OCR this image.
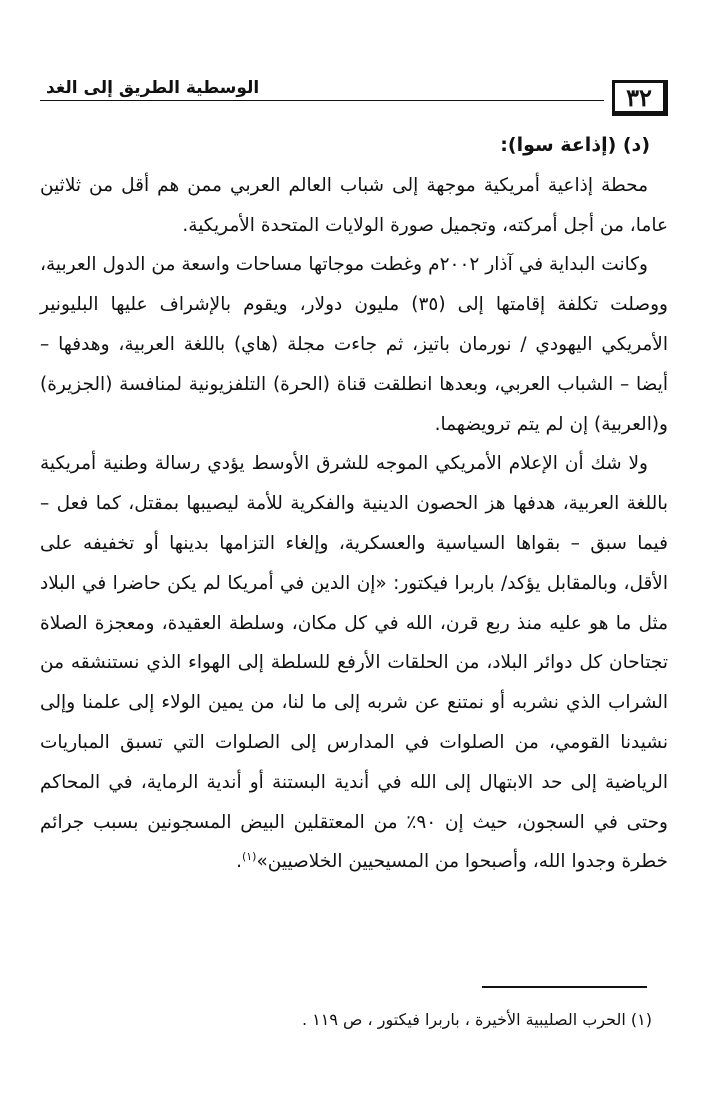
الوسطية الطريق إلى الغد	٣٢

(د) (إذاعة سوا):

محطة إذاعية أمريكية موجهة إلى شباب العالم العربي ممن هم أقل من ثلاثين عاما، من أجل أمركته، وتجميل صورة الولايات المتحدة الأمريكية.

وكانت البداية في آذار ٢٠٠٢م وغطت موجاتها مساحات واسعة من الدول العربية، ووصلت تكلفة إقامتها إلى (٣٥) مليون دولار، ويقوم بالإشراف عليها البليونير الأمريكي اليهودي / نورمان باتيز، ثم جاءت مجلة (هاي) باللغة العربية، وهدفها – أيضا – الشباب العربي، وبعدها انطلقت قناة (الحرة) التلفزيونية لمنافسة (الجزيرة) و(العربية) إن لم يتم ترويضهما.

ولا شك أن الإعلام الأمريكي الموجه للشرق الأوسط يؤدي رسالة وطنية أمريكية باللغة العربية، هدفها هز الحصون الدينية والفكرية للأمة ليصيبها بمقتل، كما فعل – فيما سبق – بقواها السياسية والعسكرية، وإلغاء التزامها بدينها أو تخفيفه على الأقل، وبالمقابل يؤكد/ باربرا فيكتور: «إن الدين في أمريكا لم يكن حاضرا في البلاد مثل ما هو عليه منذ ربع قرن، الله في كل مكان، وسلطة العقيدة، ومعجزة الصلاة تجتاحان كل دوائر البلاد، من الحلقات الأرفع للسلطة إلى الهواء الذي نستنشقه من الشراب الذي نشربه أو نمتنع عن شربه إلى ما لنا، من يمين الولاء إلى علمنا وإلى نشيدنا القومي، من الصلوات في المدارس إلى الصلوات التي تسبق المباريات الرياضية إلى حد الابتهال إلى الله في أندية البستنة أو أندية الرماية، في المحاكم وحتى في السجون، حيث إن ٩٠٪ من المعتقلين البيض المسجونين بسبب جرائم خطرة وجدوا الله، وأصبحوا من المسيحيين الخلاصيين»$^{(١)}$.

(١) الحرب الصليبية الأخيرة ، باربرا فيكتور ، ص ١١٩ .
